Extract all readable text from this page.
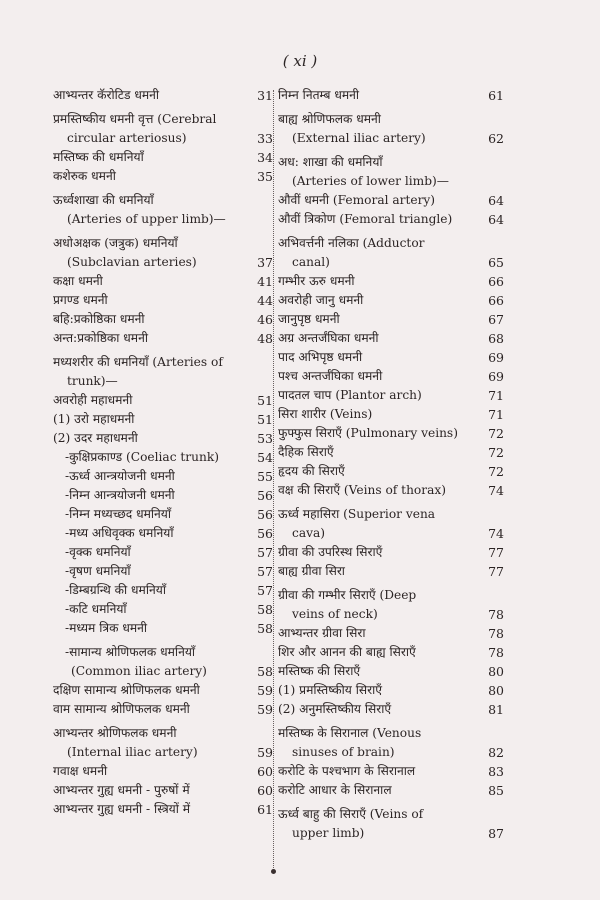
( xi )
आभ्यन्तर कॅरोटिड धमनी	31
प्रमस्तिष्कीय धमनी वृत्त (Cerebral
circular arteriosus)	33
मस्तिष्क की धमनियाँ	34
कशेरुक धमनी	35
ऊर्ध्वशाखा की धमनियाँ
(Arteries of upper limb)—
अधोअक्षक (जत्रुक) धमनियाँ
(Subclavian arteries)	37
कक्षा धमनी	41
प्रगण्ड धमनी	44
बहि:प्रकोष्ठिका धमनी	46
अन्त:प्रकोष्ठिका धमनी	48
मध्यशरीर की धमनियाँ (Arteries of
trunk)—
अवरोही महाधमनी	51
(1) उरो महाधमनी	51
(2) उदर महाधमनी	53
-कुक्षिप्रकाण्ड (Coeliac trunk)	54
-ऊर्ध्व आन्त्रयोजनी धमनी	55
-निम्न आन्त्रयोजनी धमनी	56
-निम्न मध्यच्छद धमनियाँ	56
-मध्य अधिवृक्क धमनियाँ	56
-वृक्क धमनियाँ	57
-वृषण धमनियाँ	57
-डिम्बग्रन्थि की धमनियाँ	57
-कटि धमनियाँ	58
-मध्यम त्रिक धमनी	58
-सामान्य श्रोणिफलक धमनियाँ
(Common iliac artery)	58
दक्षिण सामान्य श्रोणिफलक धमनी	59
वाम सामान्य श्रोणिफलक धमनी	59
आभ्यन्तर श्रोणिफलक धमनी
(Internal iliac artery)	59
गवाक्ष धमनी	60
आभ्यन्तर गुह्य धमनी - पुरुषों में	60
आभ्यन्तर गुह्य धमनी - स्त्रियों में	61
निम्न नितम्ब धमनी	61
बाह्य श्रोणिफलक धमनी
(External iliac artery)	62
अध: शाखा की धमनियाँ
(Arteries of lower limb)—
औवीं धमनी (Femoral artery)	64
औवीं त्रिकोण (Femoral triangle)	64
अभिवर्त्तनी नलिका (Adductor
canal)	65
गम्भीर ऊरु धमनी	66
अवरोही जानु धमनी	66
जानुपृष्ठ धमनी	67
अग्र अन्तर्जंघिका धमनी	68
पाद अभिपृष्ठ धमनी	69
पश्च अन्तर्जंघिका धमनी	69
पादतल चाप (Plantor arch)	71
सिरा शारीर (Veins)	71
फुफ्फुस सिराएँ (Pulmonary veins)	72
दैहिक सिराएँ	72
हृदय की सिराएँ	72
वक्ष की सिराएँ (Veins of thorax)	74
ऊर्ध्व महासिरा (Superior vena
cava)	74
ग्रीवा की उपरिस्थ सिराएँ	77
बाह्य ग्रीवा सिरा	77
ग्रीवा की गम्भीर सिराएँ (Deep
veins of neck)	78
आभ्यन्तर ग्रीवा सिरा	78
शिर और आनन की बाह्य सिराएँ	78
मस्तिष्क की सिराएँ	80
(1) प्रमस्तिष्कीय सिराएँ	80
(2) अनुमस्तिष्कीय सिराएँ	81
मस्तिष्क के सिरानाल (Venous
sinuses of brain)	82
करोटि के पश्चभाग के सिरानाल	83
करोटि आधार के सिरानाल	85
ऊर्ध्व बाहु की सिराएँ (Veins of
upper limb)	87
